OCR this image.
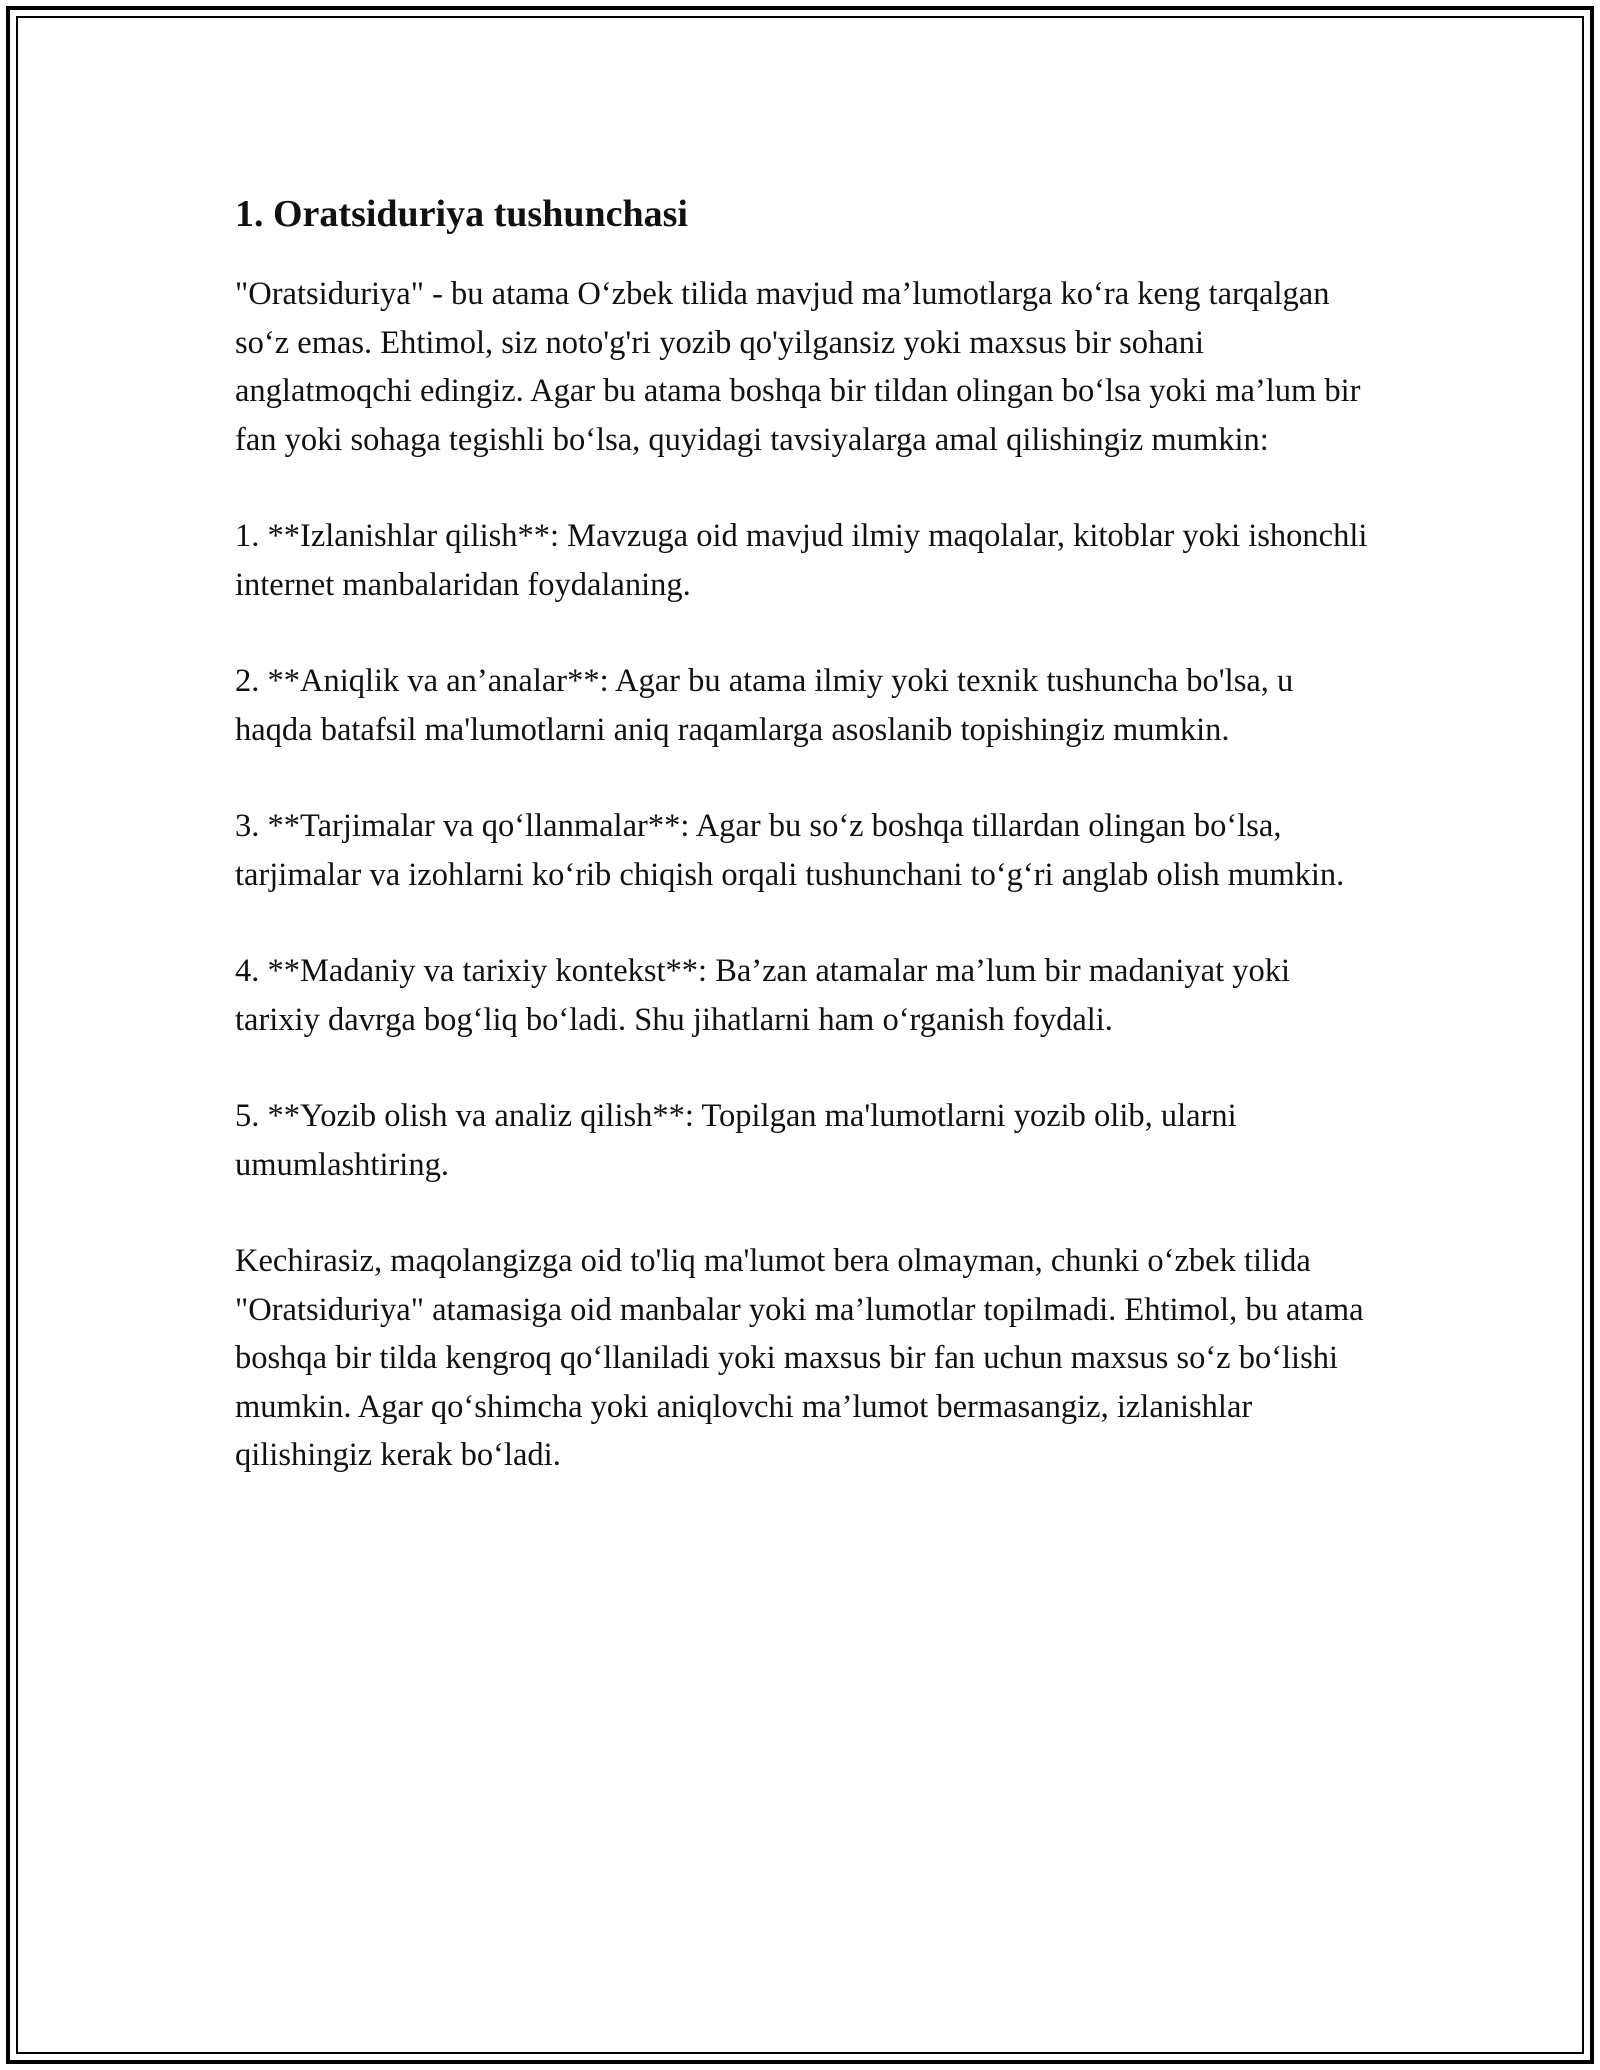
1. Oratsiduriya tushunchasi

"Oratsiduriya" - bu atama O‘zbek tilida mavjud ma’lumotlarga ko‘ra keng tarqalgan so‘z emas. Ehtimol, siz noto'g'ri yozib qo'yilgansiz yoki maxsus bir sohani anglatmoqchi edingiz. Agar bu atama boshqa bir tildan olingan bo‘lsa yoki ma’lum bir fan yoki sohaga tegishli bo‘lsa, quyidagi tavsiyalarga amal qilishingiz mumkin:

1. **Izlanishlar qilish**: Mavzuga oid mavjud ilmiy maqolalar, kitoblar yoki ishonchli internet manbalaridan foydalaning.

2. **Aniqlik va an’analar**: Agar bu atama ilmiy yoki texnik tushuncha bo'lsa, u haqda batafsil ma'lumotlarni aniq raqamlarga asoslanib topishingiz mumkin.

3. **Tarjimalar va qo‘llanmalar**: Agar bu so‘z boshqa tillardan olingan bo‘lsa, tarjimalar va izohlarni ko‘rib chiqish orqali tushunchani to‘g‘ri anglab olish mumkin.

4. **Madaniy va tarixiy kontekst**: Ba’zan atamalar ma’lum bir madaniyat yoki tarixiy davrga bog‘liq bo‘ladi. Shu jihatlarni ham o‘rganish foydali.

5. **Yozib olish va analiz qilish**: Topilgan ma'lumotlarni yozib olib, ularni umumlashtiring.

Kechirasiz, maqolangizga oid to'liq ma'lumot bera olmayman, chunki o‘zbek tilida "Oratsiduriya" atamasiga oid manbalar yoki ma’lumotlar topilmadi. Ehtimol, bu atama boshqa bir tilda kengroq qo‘llaniladi yoki maxsus bir fan uchun maxsus so‘z bo‘lishi mumkin. Agar qo‘shimcha yoki aniqlovchi ma’lumot bermasangiz, izlanishlar qilishingiz kerak bo‘ladi.
